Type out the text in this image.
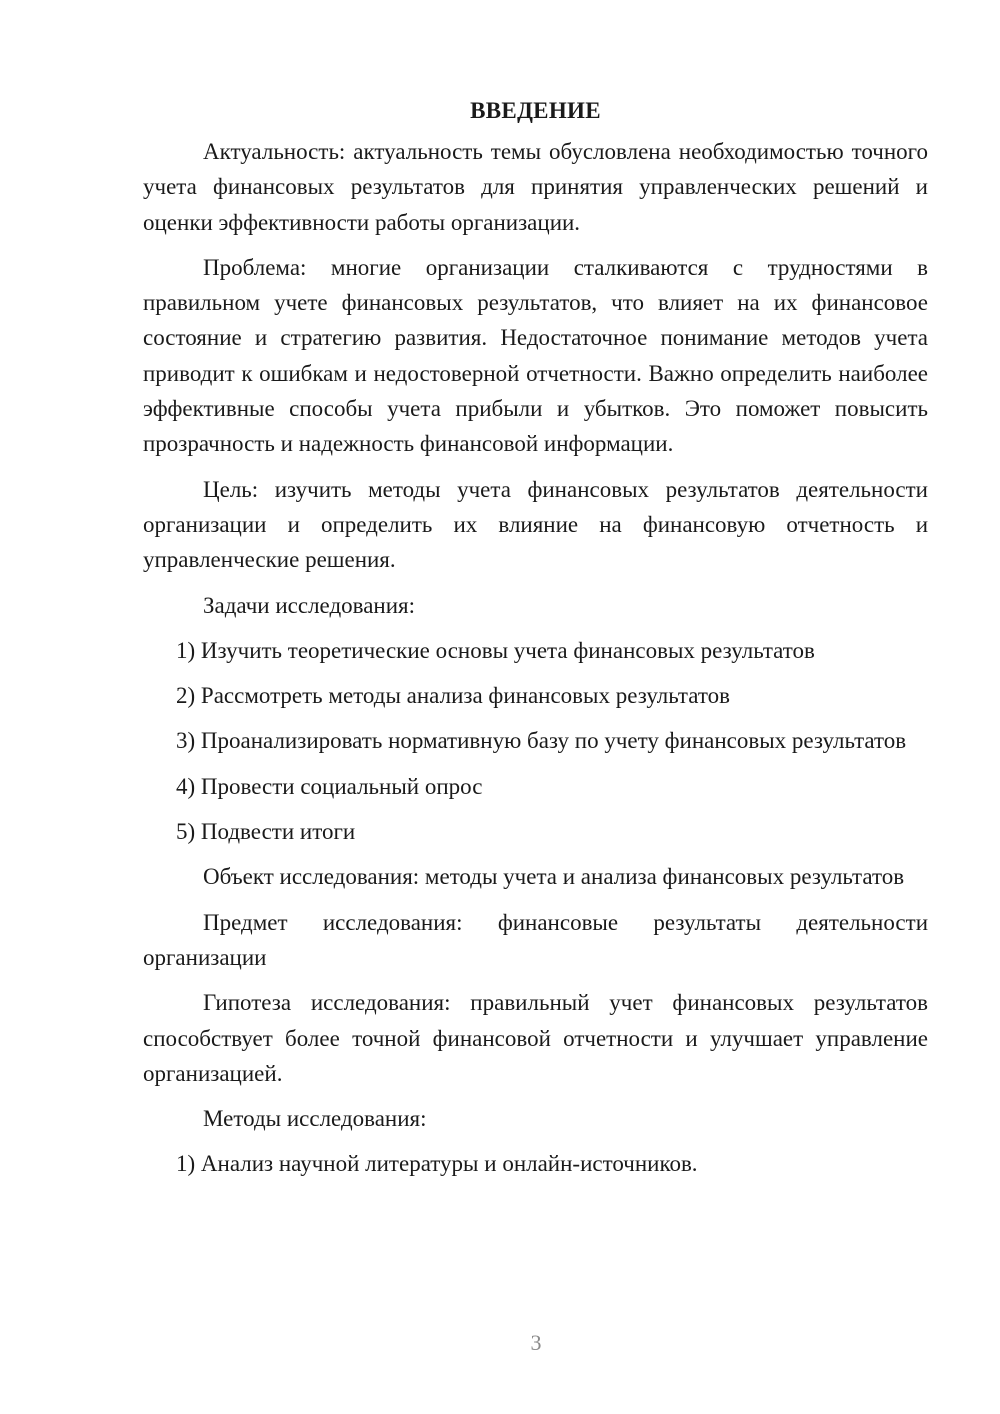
ВВЕДЕНИЕ

Актуальность: актуальность темы обусловлена необходимостью точного учета финансовых результатов для принятия управленческих решений и оценки эффективности работы организации.

Проблема: многие организации сталкиваются с трудностями в правильном учете финансовых результатов, что влияет на их финансовое состояние и стратегию развития. Недостаточное понимание методов учета приводит к ошибкам и недостоверной отчетности. Важно определить наиболее эффективные способы учета прибыли и убытков. Это поможет повысить прозрачность и надежность финансовой информации.

Цель: изучить методы учета финансовых результатов деятельности организации и определить их влияние на финансовую отчетность и управленческие решения.

Задачи исследования:

1) Изучить теоретические основы учета финансовых результатов

2) Рассмотреть методы анализа финансовых результатов

3) Проанализировать нормативную базу по учету финансовых результатов

4) Провести социальный опрос

5) Подвести итоги

Объект исследования: методы учета и анализа финансовых результатов

Предмет исследования: финансовые результаты деятельности организации

Гипотеза исследования: правильный учет финансовых результатов способствует более точной финансовой отчетности и улучшает управление организацией.

Методы исследования:

1) Анализ научной литературы и онлайн-источников.

3
